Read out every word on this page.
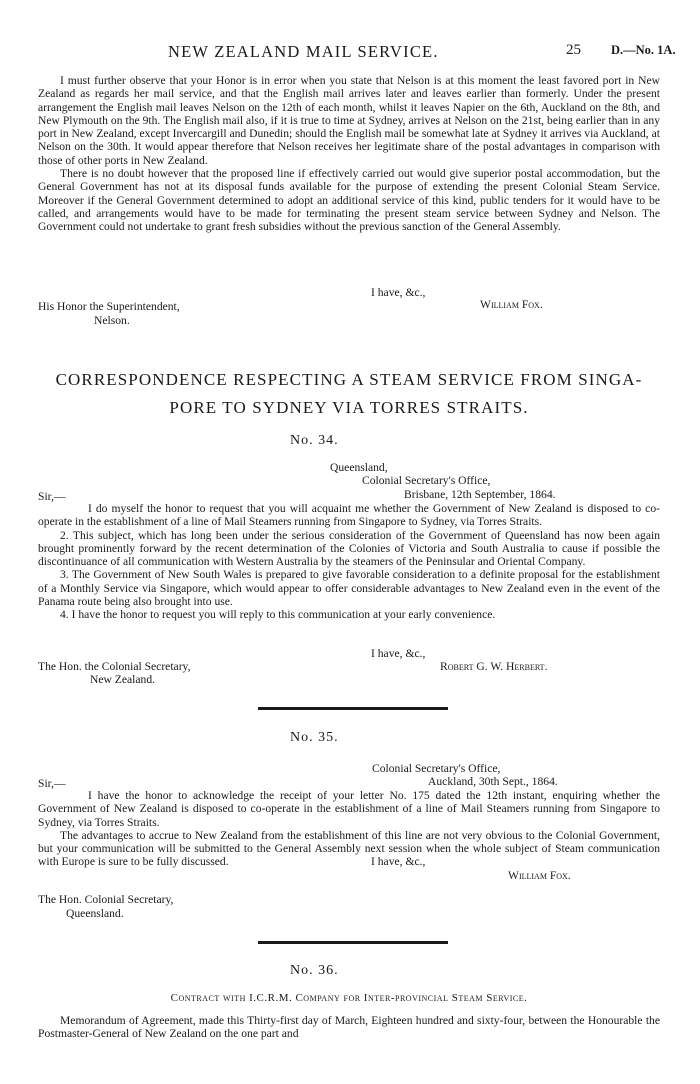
NEW ZEALAND MAIL SERVICE.	25 D.—No. 1A.

I must further observe that your Honor is in error when you state that Nelson is at this moment the least favored port in New Zealand as regards her mail service, and that the English mail arrives later and leaves earlier than formerly. Under the present arrangement the English mail leaves Nelson on the 12th of each month, whilst it leaves Napier on the 6th, Auckland on the 8th, and New Plymouth on the 9th. The English mail also, if it is true to time at Sydney, arrives at Nelson on the 21st, being earlier than in any port in New Zealand, except Invercargill and Dunedin; should the English mail be somewhat late at Sydney it arrives via Auckland, at Nelson on the 30th. It would appear therefore that Nelson receives her legitimate share of the postal advantages in comparison with those of other ports in New Zealand.

There is no doubt however that the proposed line if effectively carried out would give superior postal accommodation, but the General Government has not at its disposal funds available for the purpose of extending the present Colonial Steam Service. Moreover if the General Government determined to adopt an additional service of this kind, public tenders for it would have to be called, and arrangements would have to be made for terminating the present steam service between Sydney and Nelson. The Government could not undertake to grant fresh subsidies without the previous sanction of the General Assembly.

I have, &c.,
William Fox.
His Honor the Superintendent,
Nelson.
CORRESPONDENCE RESPECTING A STEAM SERVICE FROM SINGA-
PORE TO SYDNEY VIA TORRES STRAITS.
No. 34.
Queensland,
Colonial Secretary's Office,
Brisbane, 12th September, 1864.
Sir,—

I do myself the honor to request that you will acquaint me whether the Government of New Zealand is disposed to co-operate in the establishment of a line of Mail Steamers running from Singapore to Sydney, via Torres Straits.

2. This subject, which has long been under the serious consideration of the Government of Queensland has now been again brought prominently forward by the recent determination of the Colonies of Victoria and South Australia to cause if possible the discontinuance of all communication with Western Australia by the steamers of the Peninsular and Oriental Company.

3. The Government of New South Wales is prepared to give favorable consideration to a definite proposal for the establishment of a Monthly Service via Singapore, which would appear to offer considerable advantages to New Zealand even in the event of the Panama route being also brought into use.

4. I have the honor to request you will reply to this communication at your early convenience.

I have, &c.,
Robert G. W. Herbert.
The Hon. the Colonial Secretary,
New Zealand.
No. 35.
Colonial Secretary's Office,
Auckland, 30th Sept., 1864.
Sir,—

I have the honor to acknowledge the receipt of your letter No. 175 dated the 12th instant, enquiring whether the Government of New Zealand is disposed to co-operate in the establishment of a line of Mail Steamers running from Singapore to Sydney, via Torres Straits.

The advantages to accrue to New Zealand from the establishment of this line are not very obvious to the Colonial Government, but your communication will be submitted to the General Assembly next session when the whole subject of Steam communication with Europe is sure to be fully discussed.	I have, &c.,
William Fox.
The Hon. Colonial Secretary,
Queensland.
No. 36.
Contract with I.C.R.M. Company for Inter-provincial Steam Service.

Memorandum of Agreement, made this Thirty-first day of March, Eighteen hundred and sixty-four, between the Honourable the Postmaster-General of New Zealand on the one part and
